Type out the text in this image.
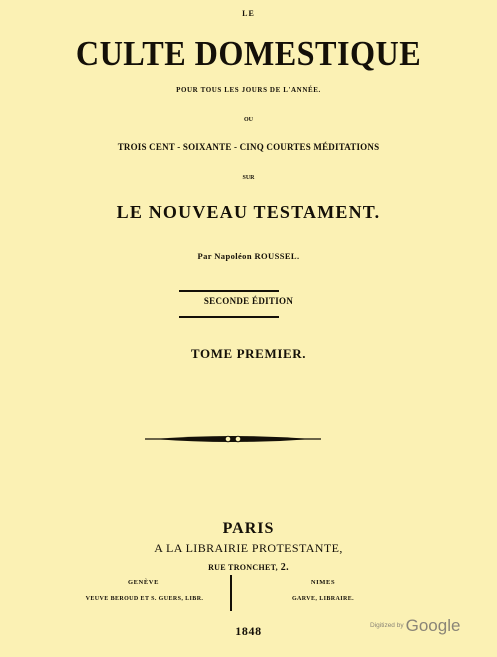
LE
CULTE DOMESTIQUE
POUR TOUS LES JOURS DE L'ANNÉE.
OU
TROIS CENT - SOIXANTE - CINQ COURTES MÉDITATIONS
SUR
LE NOUVEAU TESTAMENT.
Par Napoléon ROUSSEL.
SECONDE ÉDITION
TOME PREMIER.
PARIS
A LA LIBRAIRIE PROTESTANTE,
RUE TRONCHET, 2.
GENÈVE
VEUVE BEROUD ET S. GUERS, LIBR.
NIMES
GARVE, LIBRAIRE.
1848	Digitized by Google
